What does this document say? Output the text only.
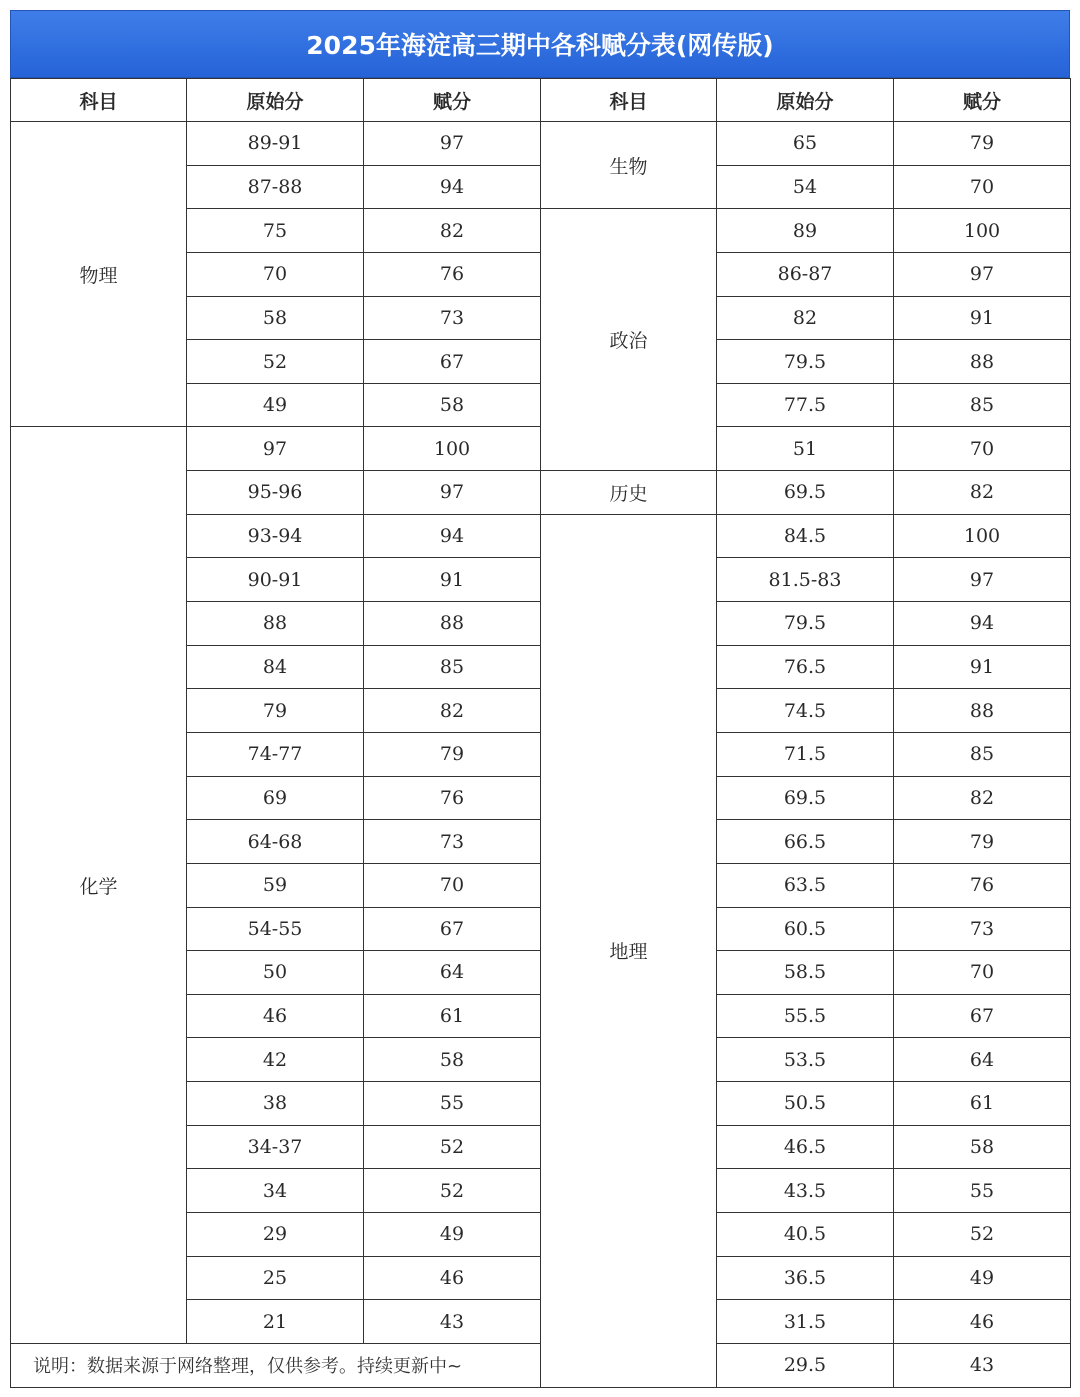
2025年海淀高三期中各科赋分表(网传版)
科目	原始分	赋分	科目	原始分	赋分
物理	89-91	97	生物	65	79
	87-88	94		54	70
	75	82	政治	89	100
	70	76		86-87	97
	58	73		82	91
	52	67		79.5	88
	49	58		77.5	85
化学	97	100		51	70
	95-96	97	历史	69.5	82
	93-94	94	地理	84.5	100
	90-91	91		81.5-83	97
	88	88		79.5	94
	84	85		76.5	91
	79	82		74.5	88
	74-77	79		71.5	85
	69	76		69.5	82
	64-68	73		66.5	79
	59	70		63.5	76
	54-55	67		60.5	73
	50	64		58.5	70
	46	61		55.5	67
	42	58		53.5	64
	38	55		50.5	61
	34-37	52		46.5	58
	34	52		43.5	55
	29	49		40.5	52
	25	46		36.5	49
	21	43		31.5	46
说明：数据来源于网络整理，仅供参考。持续更新中~				29.5	43
